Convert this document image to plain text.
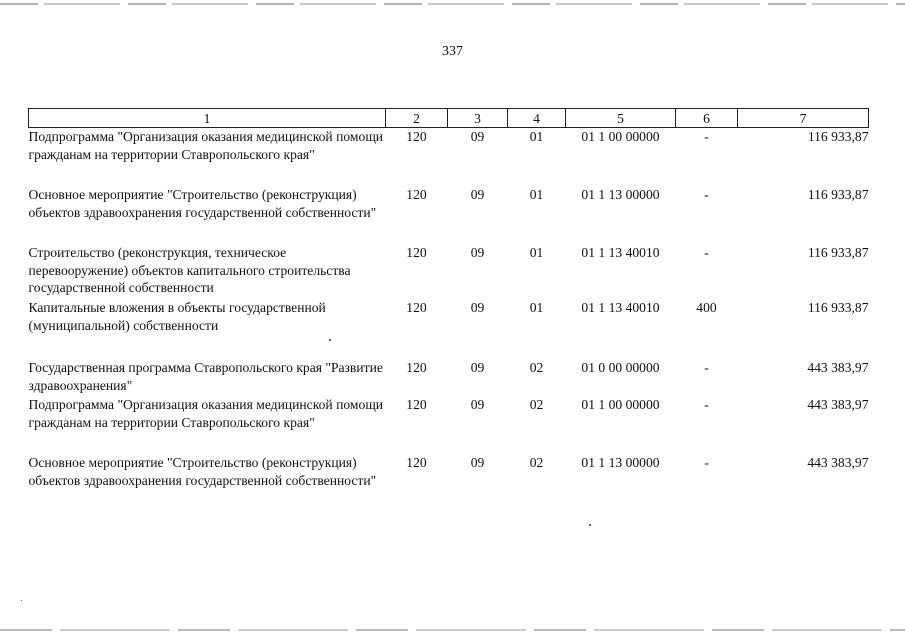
337
1	2	3	4	5	6	7
Подпрограмма "Организация оказания медицинской помощи гражданам на территории Ставропольского края"	120	09	01	01 1 00 00000	-	116 933,87
Основное мероприятие "Строительство (реконструкция) объектов здравоохранения государственной собственности"	120	09	01	01 1 13 00000	-	116 933,87
Строительство (реконструкция, техническое перевооружение) объектов капитального строительства государственной собственности	120	09	01	01 1 13 40010	-	116 933,87
Капитальные вложения в объекты государственной (муниципальной) собственности	120	09	01	01 1 13 40010	400	116 933,87
Государственная программа Ставропольского края "Развитие здравоохранения"	120	09	02	01 0 00 00000	-	443 383,97
Подпрограмма "Организация оказания медицинской помощи гражданам на территории Ставропольского края"	120	09	02	01 1 00 00000	-	443 383,97
Основное мероприятие "Строительство (реконструкция) объектов здравоохранения государственной собственности"	120	09	02	01 1 13 00000	-	443 383,97
